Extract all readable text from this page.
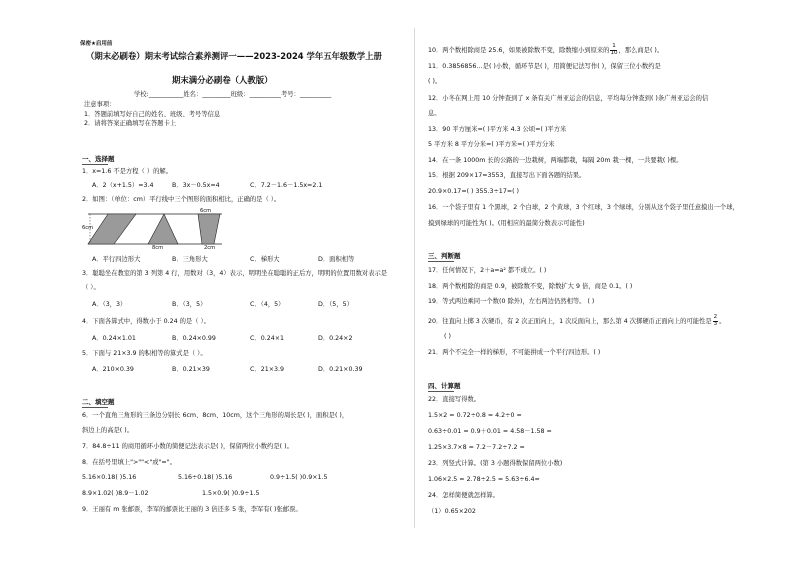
保密★启用前
（期末必刷卷）期末考试综合素养测评一——2023-2024 学年五年级数学上册
期末满分必刷卷（人教版）
学校:___________姓名：_________班级：__________考号：__________
注意事项：
1．答题前填写好自己的姓名、班级、考号等信息
2．请将答案正确填写在答题卡上
一、选择题
1．x=1.6 不是方程（ ）的解。
A．2（x+1.5）=3.4	B．3x－0.5x=4	C．7.2－1.6－1.5x=2.1
2．如图：（单位：cm）平行线中三个图形的面积相比，正确的是（ ）。
6cm
6cm
8cm	2cm
A．平行四边形大	B．三角形大	C．梯形大	D．面积相等
3．聪聪坐在教室的第 3 列第 4 行，用数对（3，4）表示，明明坐在聪聪的正后方，明明的位置用数对表示是
（ ）。
A．（3，3）	B．（3，5）	C．（4，5）	D．（5，5）
4．下面各算式中，得数小于 0.24 的是（ ）。
A．0.24×1.01	B．0.24×0.99	C．0.24×1	D．0.24×2
5．下面与 21×3.9 的积相等的算式是（ ）。
A．210×0.39	B．0.21×39	C．21×3.9	D．0.21×0.39
二、填空题
6．一个直角三角形的三条边分别长 6cm、8cm、10cm，这个三角形的周长是( )，面积是( )，
斜边上的高是( )。
7．84.8÷11 的商用循环小数的简便记法表示是( )，保留两位小数约是( )。
8．在括号里填上">""<"或"="。
5.16×0.18( )5.16	5.16÷0.18( )5.16	0.9÷1.5( )0.9×1.5
8.9×1.02( )8.9－1.02	1.5×0.9( )0.9÷1.5
9．王丽有 m 张邮票，李军的邮票比王丽的 3 倍还多 5 张，李军有( )张邮票。
10．两个数相除商是 25.6，如果被除数不变，除数缩小到原来的 $\frac{1}{10}$ ，那么商是( )。
11．0.3856856…是( )小数，循环节是( )，用简便记法写作( )，保留三位小数约是
( )。
12．小冬在网上用 10 分钟查到了 x 条有关广州亚运会的信息，平均每分钟查到( )条广州亚运会的信
息。
13．90 平方厘米=( )平方米 4.3 公顷=( )平方米
5 平方米 8 平方分米=( )平方米=( )平方分米
14．在一条 1000m 长的公路的一边栽树，两端都栽，每隔 20m 栽一棵，一共要栽( )棵。
15．根据 209×17=3553，直接写出下面各题的结果。
20.9×0.17=( ) 355.3÷17=( )
16．一个袋子里有 1 个黑球，2 个白球，2 个黄球，3 个红球，3 个绿球，分别从这个袋子里任意摸出一个球，
摸到绿球的可能性为( )。(用相应的最简分数表示可能性)
三、判断题
17．任何情况下，2＋a=a² 都不成立。( )
18．两个数相除的商是 0.9，被除数不变，除数扩大 9 倍，商是 0.1。( )
19．等式两边乘同一个数(0 除外)，左右两边仍然相等。 ( )
20．往直向上掷 3 次硬币，有 2 次正面向上，1 次反面向上，那么第 4 次掷硬币正面向上的可能性是 $\frac{2}{3}$ 。
( )
21．两个不完全一样的梯形，不可能拼成一个平行四边形。( )
四、计算题
22．直接写得数。
1.5×2 = 0.72÷0.8 = 4.2÷0 =
0.63÷0.01 = 0.9＋0.01 = 4.58－1.58 =
1.25×3.7×8 = 7.2－7.2÷7.2 =
23．列竖式计算。(第 3 小题得数保留两位小数)
1.06×2.5 = 2.78÷2.5 = 5.63÷6.4≈
24．怎样简便就怎样算。
（1）0.65×202
